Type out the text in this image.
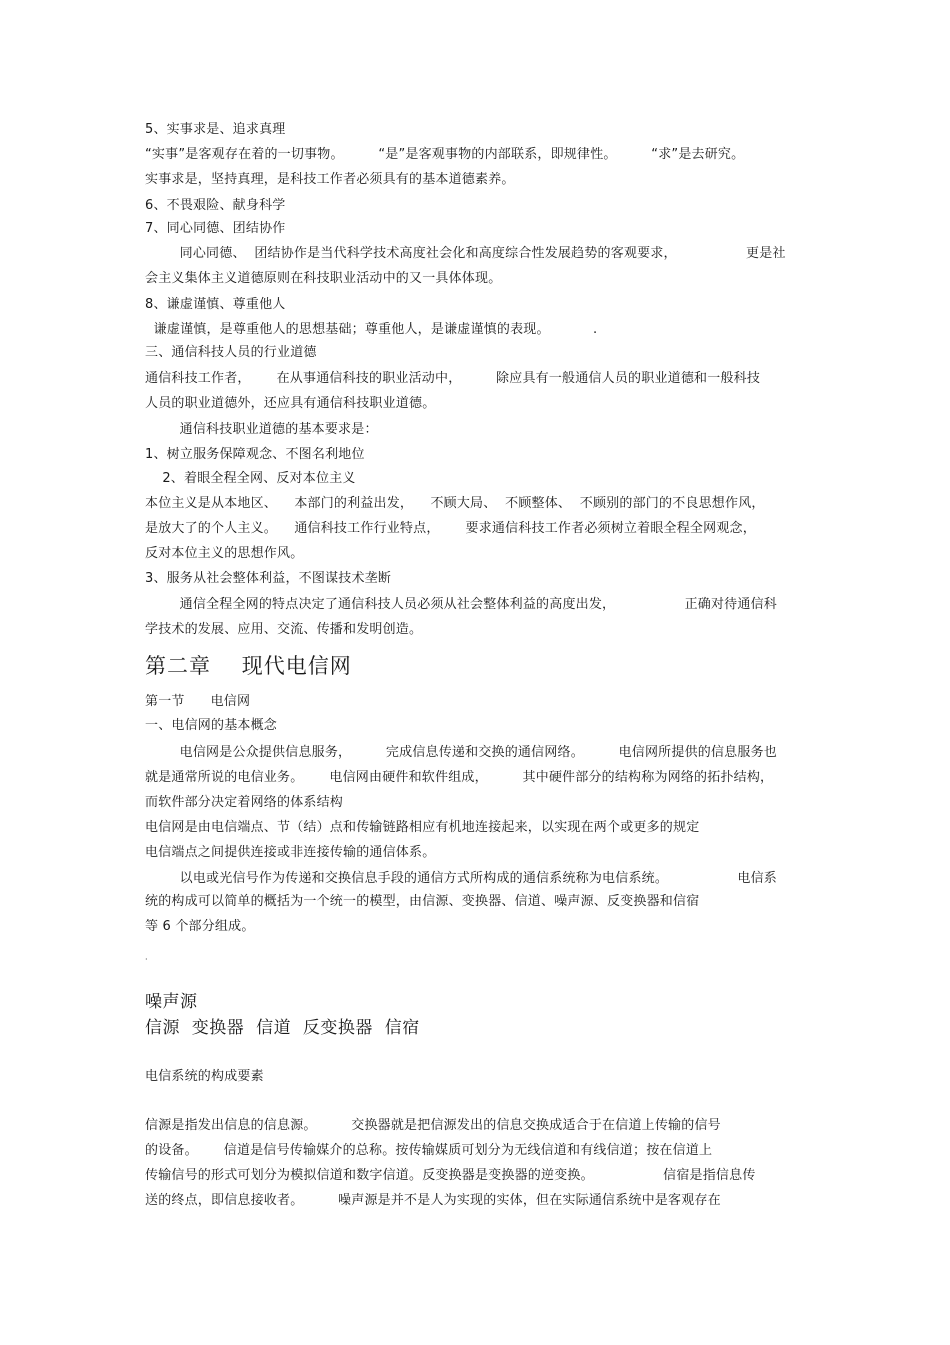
5、实事求是、追求真理
“实事”是客观存在着的一切事物。        “是”是客观事物的内部联系，即规律性。        “求”是去研究。
实事求是，坚持真理，是科技工作者必须具有的基本道德素养。
6、不畏艰险、献身科学
7、同心同德、团结协作
同心同德、  团结协作是当代科学技术高度社会化和高度综合性发展趋势的客观要求，                更是社
会主义集体主义道德原则在科技职业活动中的又一具体体现。
8、谦虚谨慎、尊重他人
谦虚谨慎，是尊重他人的思想基础；尊重他人，是谦虚谨慎的表现。          .
三、通信科技人员的行业道德
通信科技工作者，      在从事通信科技的职业活动中，        除应具有一般通信人员的职业道德和一般科技
人员的职业道德外，还应具有通信科技职业道德。
通信科技职业道德的基本要求是：
1、树立服务保障观念、不图名利地位
2、着眼全程全网、反对本位主义
本位主义是从本地区、    本部门的利益出发，    不顾大局、  不顾整体、  不顾别的部门的不良思想作风，
是放大了的个人主义。    通信科技工作行业特点，      要求通信科技工作者必须树立着眼全程全网观念，
反对本位主义的思想作风。
3、服务从社会整体利益，不图谋技术垄断
通信全程全网的特点决定了通信科技人员必须从社会整体利益的高度出发，                正确对待通信科
学技术的发展、应用、交流、传播和发明创造。
第二章    现代电信网
第一节      电信网
一、电信网的基本概念
电信网是公众提供信息服务，        完成信息传递和交换的通信网络。        电信网所提供的信息服务也
就是通常所说的电信业务。      电信网由硬件和软件组成，        其中硬件部分的结构称为网络的拓扑结构，
而软件部分决定着网络的体系结构
电信网是由电信端点、节（结）点和传输链路相应有机地连接起来，以实现在两个或更多的规定
电信端点之间提供连接或非连接传输的通信体系。
以电或光信号作为传递和交换信息手段的通信方式所构成的通信系统称为电信系统。                电信系
统的构成可以简单的概括为一个统一的模型，由信源、变换器、信道、噪声源、反变换器和信宿
等 6 个部分组成。
·
噪声源
信源  变换器  信道  反变换器  信宿
电信系统的构成要素
信源是指发出信息的信息源。        交换器就是把信源发出的信息交换成适合于在信道上传输的信号
的设备。      信道是信号传输媒介的总称。按传输媒质可划分为无线信道和有线信道；按在信道上
传输信号的形式可划分为模拟信道和数字信道。反变换器是变换器的逆变换。                信宿是指信息传
送的终点，即信息接收者。        噪声源是并不是人为实现的实体，但在实际通信系统中是客观存在
